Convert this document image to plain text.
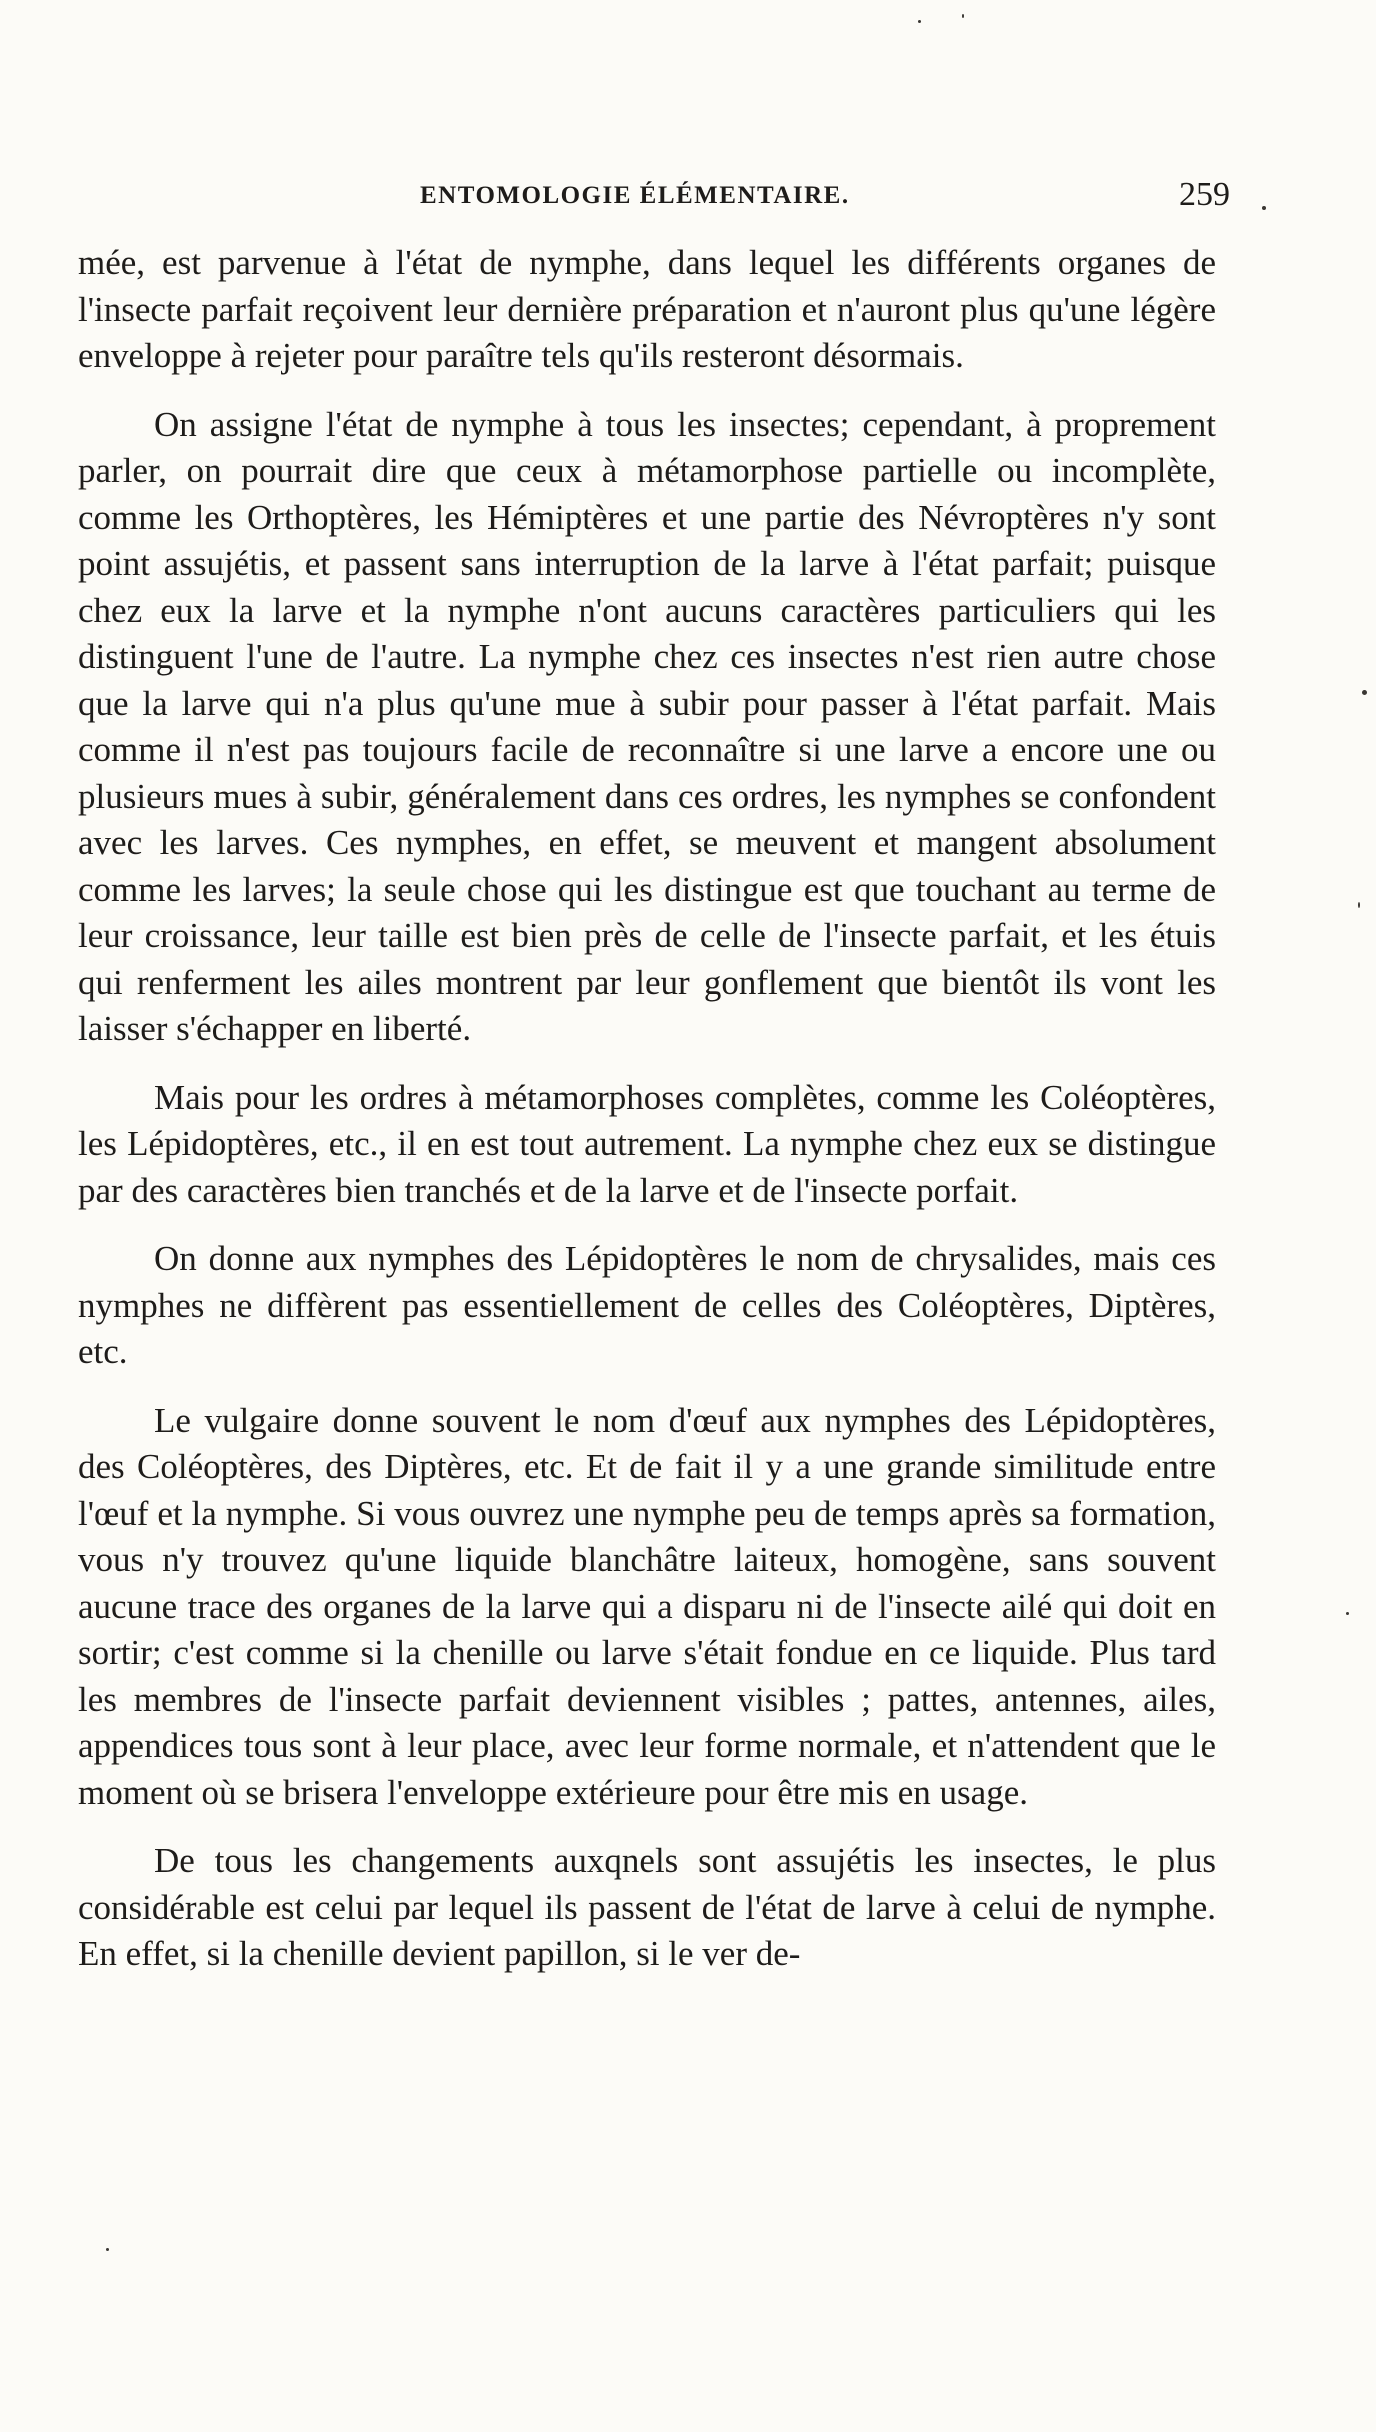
ENTOMOLOGIE ÉLÉMENTAIRE.	259

mée, est parvenue à l'état de nymphe, dans lequel les différents organes de l'insecte parfait reçoivent leur dernière préparation et n'auront plus qu'une légère enveloppe à rejeter pour paraître tels qu'ils resteront désormais.

On assigne l'état de nymphe à tous les insectes; cependant, à proprement parler, on pourrait dire que ceux à métamorphose partielle ou incomplète, comme les Orthoptères, les Hémiptères et une partie des Névroptères n'y sont point assujétis, et passent sans interruption de la larve à l'état parfait; puisque chez eux la larve et la nymphe n'ont aucuns caractères particuliers qui les distinguent l'une de l'autre. La nymphe chez ces insectes n'est rien autre chose que la larve qui n'a plus qu'une mue à subir pour passer à l'état parfait. Mais comme il n'est pas toujours facile de reconnaître si une larve a encore une ou plusieurs mues à subir, généralement dans ces ordres, les nymphes se confondent avec les larves. Ces nymphes, en effet, se meuvent et mangent absolument comme les larves; la seule chose qui les distingue est que touchant au terme de leur croissance, leur taille est bien près de celle de l'insecte parfait, et les étuis qui renferment les ailes montrent par leur gonflement que bientôt ils vont les laisser s'échapper en liberté.

Mais pour les ordres à métamorphoses complètes, comme les Coléoptères, les Lépidoptères, etc., il en est tout autrement. La nymphe chez eux se distingue par des caractères bien tranchés et de la larve et de l'insecte porfait.

On donne aux nymphes des Lépidoptères le nom de chrysalides, mais ces nymphes ne diffèrent pas essentiellement de celles des Coléoptères, Diptères, etc.

Le vulgaire donne souvent le nom d'œuf aux nymphes des Lépidoptères, des Coléoptères, des Diptères, etc. Et de fait il y a une grande similitude entre l'œuf et la nymphe. Si vous ouvrez une nymphe peu de temps après sa formation, vous n'y trouvez qu'une liquide blanchâtre laiteux, homogène, sans souvent aucune trace des organes de la larve qui a disparu ni de l'insecte ailé qui doit en sortir; c'est comme si la chenille ou larve s'était fondue en ce liquide. Plus tard les membres de l'insecte parfait deviennent visibles ; pattes, antennes, ailes, appendices tous sont à leur place, avec leur forme normale, et n'attendent que le moment où se brisera l'enveloppe extérieure pour être mis en usage.

De tous les changements auxqnels sont assujétis les insectes, le plus considérable est celui par lequel ils passent de l'état de larve à celui de nymphe. En effet, si la chenille devient papillon, si le ver de-
